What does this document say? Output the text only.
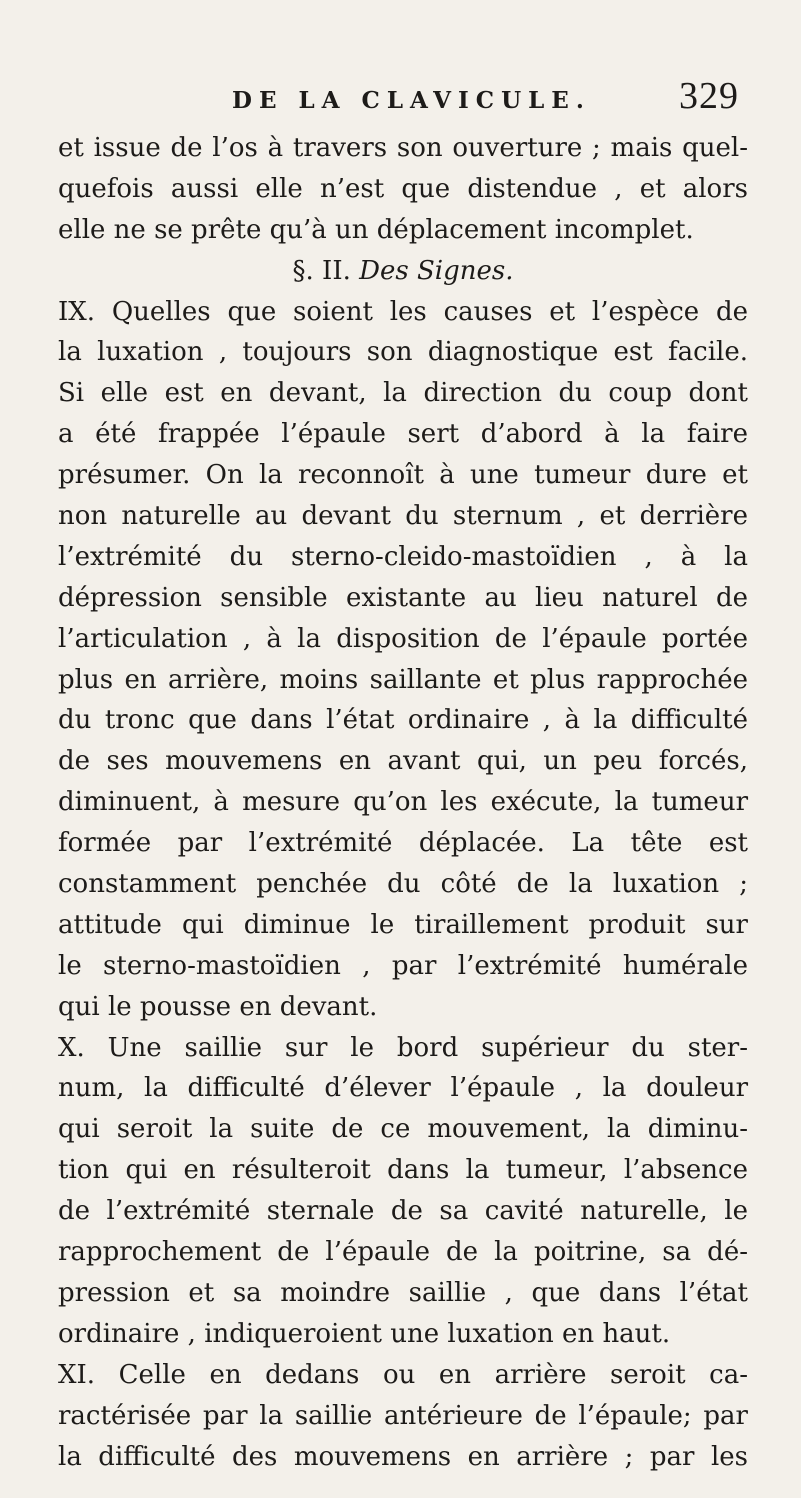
DE LA CLAVICULE. 329
et issue de l’os à travers son ouverture ; mais quel-
quefois aussi elle n’est que distendue , et alors
elle ne se prête qu’à un déplacement incomplet.
§. II. Des Signes.
IX. Quelles que soient les causes et l’espèce de
la luxation , toujours son diagnostique est facile.
Si elle est en devant, la direction du coup dont
a été frappée l’épaule sert d’abord à la faire
présumer. On la reconnoît à une tumeur dure et
non naturelle au devant du sternum , et derrière
l’extrémité du sterno-cleido-mastoïdien , à la
dépression sensible existante au lieu naturel de
l’articulation , à la disposition de l’épaule portée
plus en arrière, moins saillante et plus rapprochée
du tronc que dans l’état ordinaire , à la difficulté
de ses mouvemens en avant qui, un peu forcés,
diminuent, à mesure qu’on les exécute, la tumeur
formée par l’extrémité déplacée. La tête est
constamment penchée du côté de la luxation ;
attitude qui diminue le tiraillement produit sur
le sterno-mastoïdien , par l’extrémité humérale
qui le pousse en devant.
X. Une saillie sur le bord supérieur du ster-
num, la difficulté d’élever l’épaule , la douleur
qui seroit la suite de ce mouvement, la diminu-
tion qui en résulteroit dans la tumeur, l’absence
de l’extrémité sternale de sa cavité naturelle, le
rapprochement de l’épaule de la poitrine, sa dé-
pression et sa moindre saillie , que dans l’état
ordinaire , indiqueroient une luxation en haut.
XI. Celle en dedans ou en arrière seroit ca-
ractérisée par la saillie antérieure de l’épaule; par
la difficulté des mouvemens en arrière ; par les
